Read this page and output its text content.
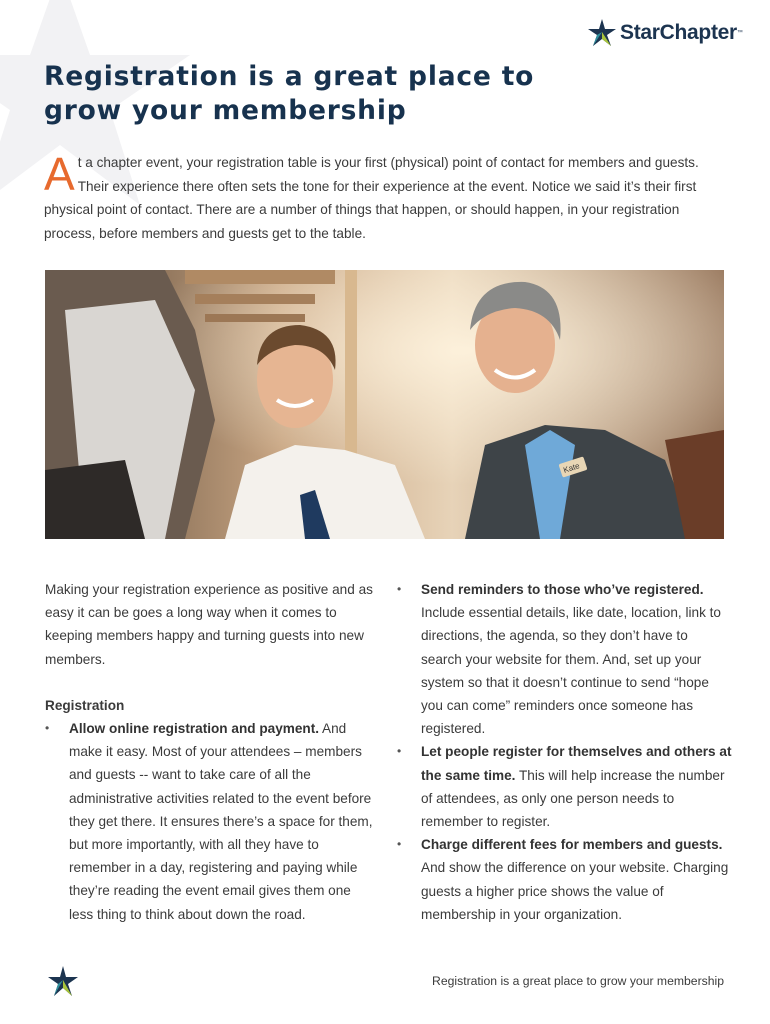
StarChapter ™
Registration is a great place to grow your membership

At a chapter event, your registration table is your first (physical) point of contact for members and guests. Their experience there often sets the tone for their experience at the event. Notice we said it’s their first physical point of contact. There are a number of things that happen, or should happen, in your registration process, before members and guests get to the table.

Kate

Making your registration experience as positive and as easy it can be goes a long way when it comes to keeping members happy and turning guests into new members.

Registration

• Allow online registration and payment. And make it easy. Most of your attendees – members and guests -- want to take care of all the administrative activities related to the event before they get there. It ensures there’s a space for them, but more importantly, with all they have to remember in a day, registering and paying while they’re reading the event email gives them one less thing to think about down the road.
• Send reminders to those who’ve registered. Include essential details, like date, location, link to directions, the agenda, so they don’t have to search your website for them. And, set up your system so that it doesn’t continue to send “hope you can come” reminders once someone has registered.
• Let people register for themselves and others at the same time. This will help increase the number of attendees, as only one person needs to remember to register.
• Charge different fees for members and guests. And show the difference on your website. Charging guests a higher price shows the value of membership in your organization.
Registration is a great place to grow your membership
